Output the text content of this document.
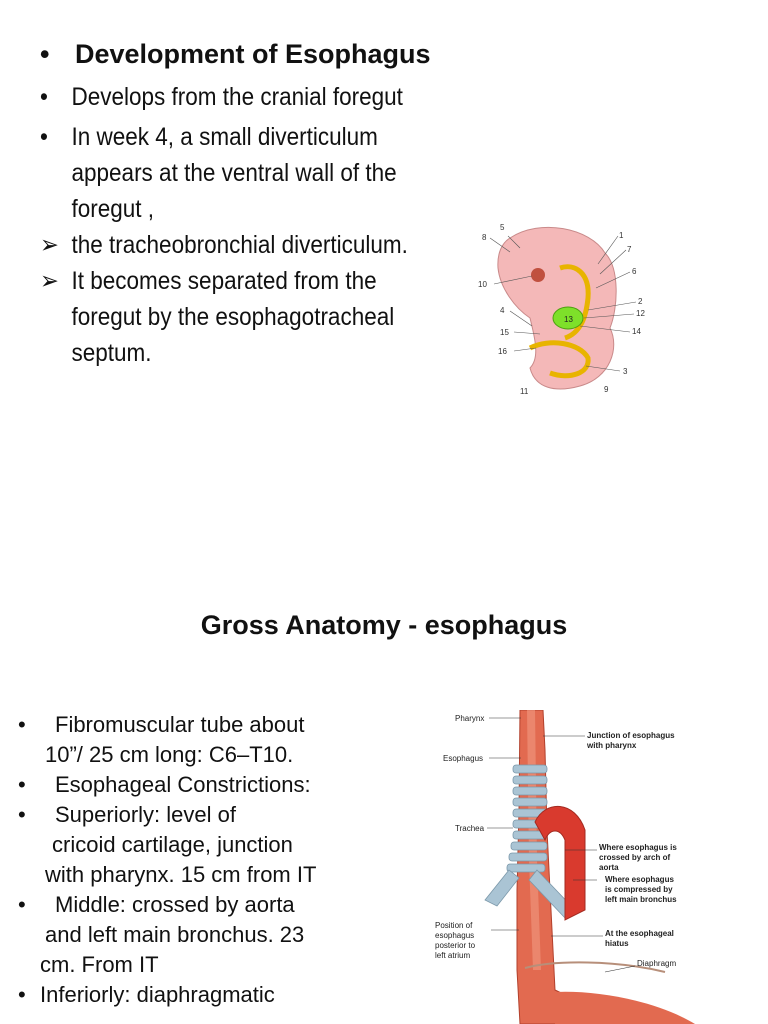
• Development of Esophagus
• Develops from the cranial foregut
• In week 4, a small diverticulum appears at the ventral wall of the foregut ,
➢ the tracheobronchial diverticulum.
➢ It becomes separated from the foregut by the esophagotracheal septum.
13
5
8	1
7
6
10
2
12
14
4
15
16
3
11	9
Gross Anatomy - esophagus
• Fibromuscular tube about
10”/ 25 cm long: C6–T10.
• Esophageal Constrictions:
• Superiorly: level of
cricoid cartilage, junction
with pharynx. 15 cm from IT
• Middle: crossed by aorta
and left main bronchus. 23
cm. From IT
• Inferiorly: diaphragmatic
Pharynx
Esophagus
Trachea
Position of
esophagus
posterior to
left atrium
Junction of esophagus
with pharynx
Where esophagus is
crossed by arch of
aorta
Where esophagus
is compressed by
left main bronchus
At the esophageal
hiatus
Diaphragm
